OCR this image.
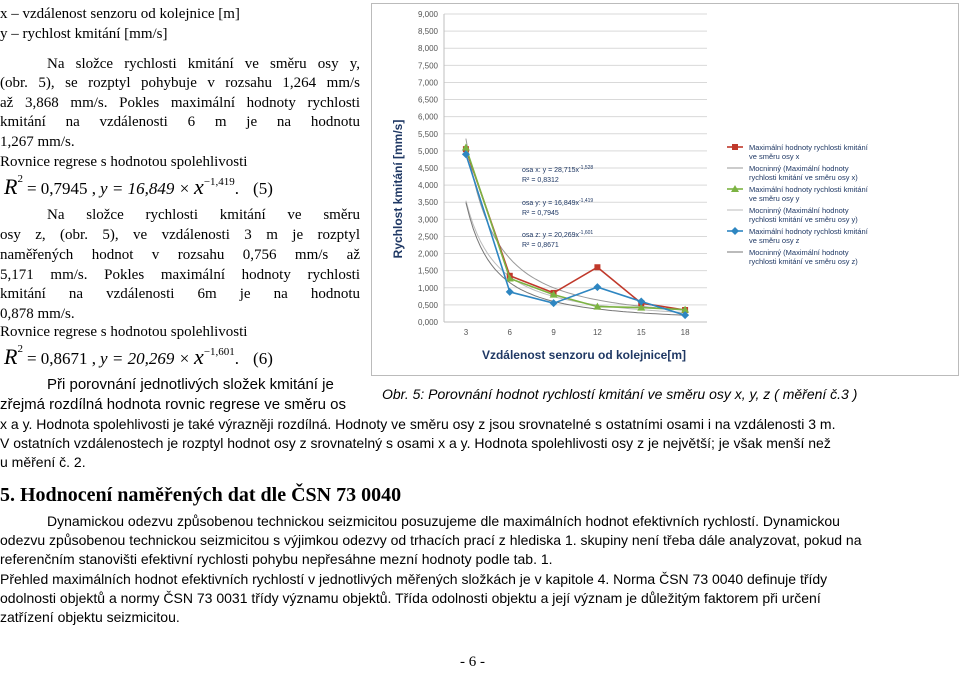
x – vzdálenost senzoru od kolejnice [m]
y – rychlost kmitání [mm/s]
Na složce rychlosti kmitání ve směru osy y,
(obr. 5), se rozptyl pohybuje v rozsahu 1,264 mm/s
až 3,868 mm/s. Pokles maximální hodnoty rychlosti
kmitání na vzdálenosti 6 m je na hodnotu
1,267 mm/s.
Rovnice regrese s hodnotou spolehlivosti
$R^2 = 0,7945$ , $y = 16,849 \times x^{-1,419}$. (5)
Na složce rychlosti kmitání ve směru
osy z, (obr. 5), ve vzdálenosti 3 m je rozptyl
naměřených hodnot v rozsahu 0,756 mm/s až
5,171 mm/s. Pokles maximální hodnoty rychlosti
kmitání na vzdálenosti 6m je na hodnotu
0,878 mm/s.
Rovnice regrese s hodnotou spolehlivosti
$R^2 = 0,8671$ , $y = 20,269 \times x^{-1,601}$. (6)
Při porovnání jednotlivých složek kmitání je
zřejmá rozdílná hodnota rovnic regrese ve směru os
0,000
0,500
1,000
1,500
2,000
2,500
3,000
3,500
4,000
4,500
5,000
5,500
6,000
6,500
7,000
7,500
8,000
8,500
9,000
3	6	9	12	15	18
osa x: $y = 28,715x^{-1,528}$
R² = 0,8312
osa y: $y = 16,849x^{-1,419}$
R² = 0,7945
osa z: $y = 20,269x^{-1,601}$
R² = 0,8671
Maximální hodnoty rychlosti kmitání ve směru osy x
Mocninný (Maximální hodnoty rychlosti kmitání ve směru osy x)
Maximální hodnoty rychlosti kmitání ve směru osy y
Mocninný (Maximální hodnoty rychlosti kmitání ve směru osy y)
Maximální hodnoty rychlosti kmitání ve směru osy z
Mocninný (Maximální hodnoty rychlosti kmitání ve směru osy z)
Rychlost kmitání [mm/s]
Vzdálenost senzoru od kolejnice[m]
Obr. 5: Porovnání hodnot rychlostí kmitání ve směru osy x, y, z ( měření č.3 )
x a y. Hodnota spolehlivosti je také výrazněji rozdílná. Hodnoty ve směru osy z jsou srovnatelné s ostatními osami i na vzdálenosti 3 m.
V ostatních vzdálenostech je rozptyl hodnot osy z srovnatelný s osami x a y. Hodnota spolehlivosti osy z je největší; je však menší než
u měření č. 2.
5. Hodnocení naměřených dat dle ČSN 73 0040
Dynamickou odezvu způsobenou technickou seizmicitou posuzujeme dle maximálních hodnot efektivních rychlostí. Dynamickou
odezvu způsobenou technickou seizmicitou s výjimkou odezvy od trhacích prací z hlediska 1. skupiny není třeba dále analyzovat, pokud na
referenčním stanovišti efektivní rychlosti pohybu nepřesáhne mezní hodnoty podle tab. 1.
Přehled maximálních hodnot efektivních rychlostí v jednotlivých měřených složkách je v kapitole 4. Norma ČSN 73 0040 definuje třídy
odolnosti objektů a normy ČSN 73 0031 třídy významu objektů. Třída odolnosti objektu a její význam je důležitým faktorem při určení
zatřízení objektu seizmicitou.
- 6 -
